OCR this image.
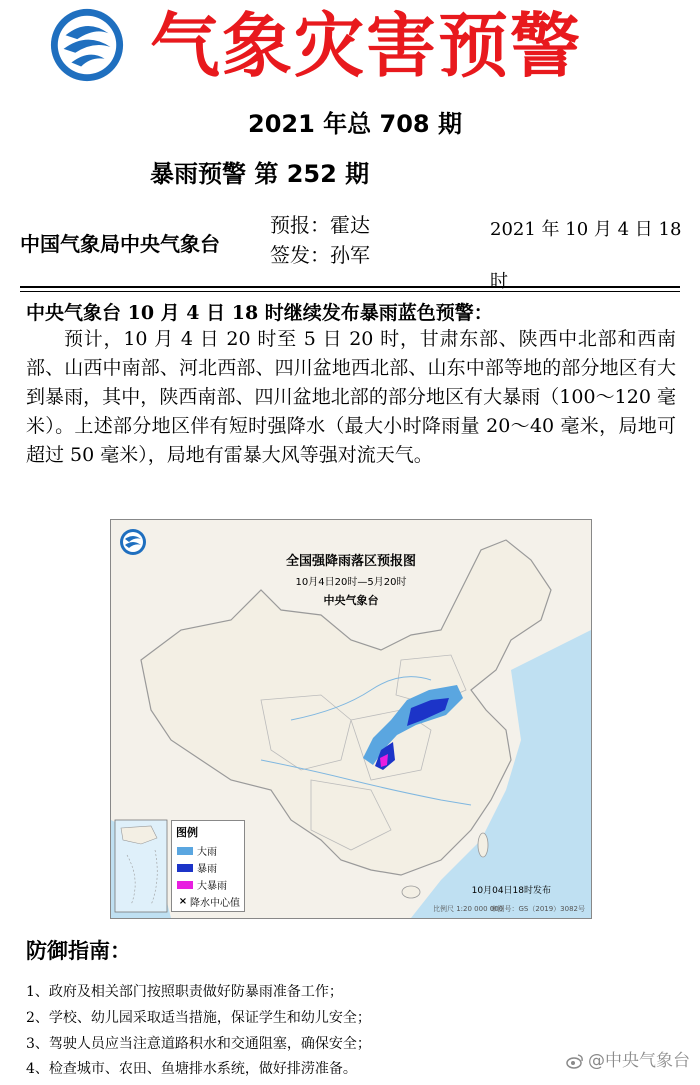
气象灾害预警
2021 年总 708 期
暴雨预警 第 252 期
中国气象局中央气象台
预报：霍达
签发：孙军
2021 年 10 月 4 日 18 时
中央气象台 10 月 4 日 18 时继续发布暴雨蓝色预警：
预计，10 月 4 日 20 时至 5 日 20 时，甘肃东部、陕西中北部和西南部、山西中南部、河北西部、四川盆地西北部、山东中部等地的部分地区有大到暴雨，其中，陕西南部、四川盆地北部的部分地区有大暴雨（100～120 毫米）。上述部分地区伴有短时强降水（最大小时降雨量 20～40 毫米，局地可超过 50 毫米），局地有雷暴大风等强对流天气。
全国强降雨落区预报图
10月4日20时—5月20时
中央气象台
图例
大雨
暴雨
大暴雨
× 降水中心值
10月04日18时发布
比例尺 1:20 000 000
审图号：GS（2019）3082号
防御指南：
1、政府及相关部门按照职责做好防暴雨准备工作；
2、学校、幼儿园采取适当措施，保证学生和幼儿安全；
3、驾驶人员应当注意道路积水和交通阻塞，确保安全；
4、检查城市、农田、鱼塘排水系统，做好排涝准备。	@中央气象台
